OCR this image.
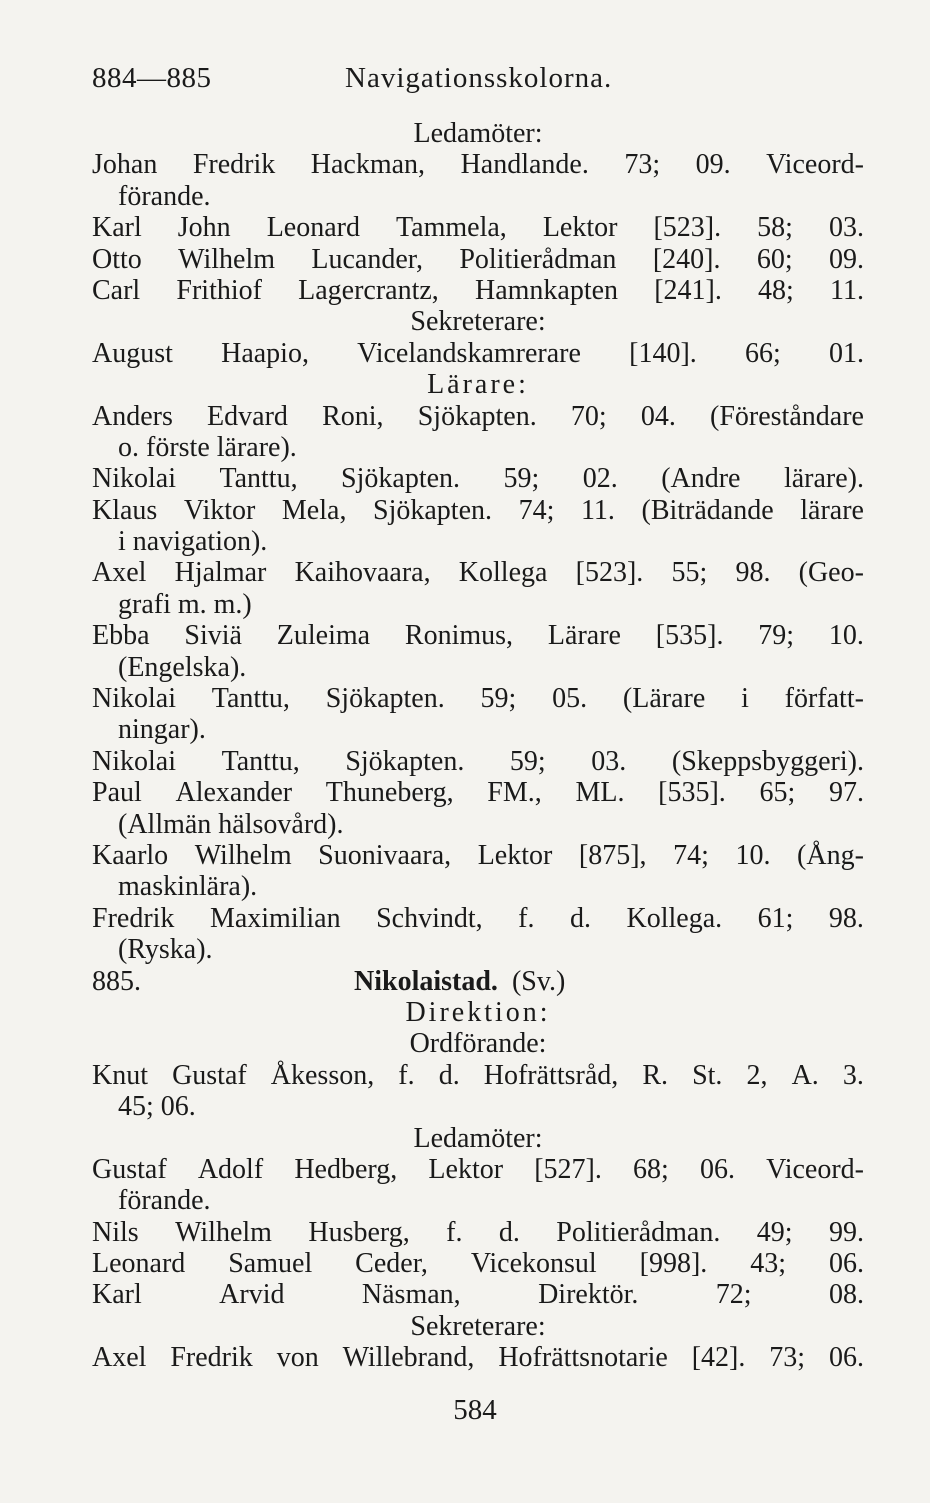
884—885	Navigationsskolorna.
Ledamöter:
Johan Fredrik Hackman, Handlande. 73; 09. Viceord-
förande.
Karl John Leonard Tammela, Lektor [523]. 58; 03.
Otto Wilhelm Lucander, Politierådman [240]. 60; 09.
Carl Frithiof Lagercrantz, Hamnkapten [241]. 48; 11.
Sekreterare:
August Haapio, Vicelandskamrerare [140]. 66; 01.
Lärare:
Anders Edvard Roni, Sjökapten. 70; 04. (Föreståndare
o. förste lärare).
Nikolai Tanttu, Sjökapten. 59; 02. (Andre lärare).
Klaus Viktor Mela, Sjökapten. 74; 11. (Biträdande lärare
i navigation).
Axel Hjalmar Kaihovaara, Kollega [523]. 55; 98. (Geo-
grafi m. m.)
Ebba Siviä Zuleima Ronimus, Lärare [535]. 79; 10.
(Engelska).
Nikolai Tanttu, Sjökapten. 59; 05. (Lärare i författ-
ningar).
Nikolai Tanttu, Sjökapten. 59; 03. (Skeppsbyggeri).
Paul Alexander Thuneberg, FM., ML. [535]. 65; 97.
(Allmän hälsovård).
Kaarlo Wilhelm Suonivaara, Lektor [875], 74; 10. (Ång-
maskinlära).
Fredrik Maximilian Schvindt, f. d. Kollega. 61; 98.
(Ryska).
885.	Nikolaistad. (Sv.)
Direktion:
Ordförande:
Knut Gustaf Åkesson, f. d. Hofrättsråd, R. St. 2, A. 3.
45; 06.
Ledamöter:
Gustaf Adolf Hedberg, Lektor [527]. 68; 06. Viceord-
förande.
Nils Wilhelm Husberg, f. d. Politierådman. 49; 99.
Leonard Samuel Ceder, Vicekonsul [998]. 43; 06.
Karl	Arvid	Näsman,	Direktör.	72;	08.
Sekreterare:
Axel Fredrik von Willebrand, Hofrättsnotarie [42]. 73; 06.
584
